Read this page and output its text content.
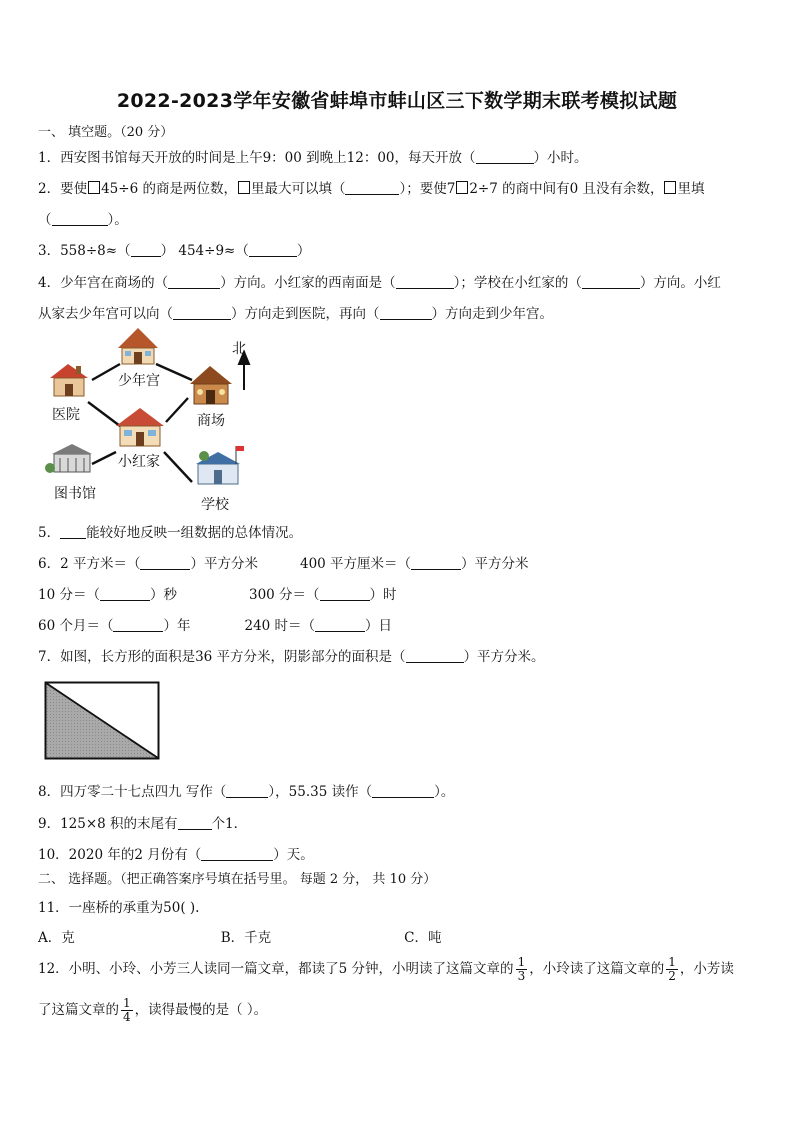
2022-2023学年安徽省蚌埠市蚌山区三下数学期末联考模拟试题
一、 填空题。（20 分）
1．西安图书馆每天开放的时间是上午9：00 到晚上12：00，每天开放（	）小时。
2．要使 45÷6 的商是两位数， 里最大可以填（	）；要使7 2÷7 的商中间有0 且没有余数， 里填
（	）。
3．558÷8≈（ ） 454÷9≈（	）
4．少年宫在商场的（	）方向。小红家的西南面是（	）；学校在小红家的（	）方向。小红
从家去少年宫可以向（	）方向走到医院，再向（	）方向走到少年宫。
北
少年宫
医院	商场
小红家
图书馆
学校
5． 能较好地反映一组数据的总体情况。
6．2 平方米＝（	）平方分米	400 平方厘米＝（	）平方分米
10 分＝（	）秒	300 分＝（	）时
60 个月＝（	）年	240 时＝（	）日
7．如图，长方形的面积是36 平方分米，阴影部分的面积是（	）平方分米。
8．四万零二十七点四九 写作（	），55.35 读作（	）。
9．125×8 积的末尾有	个1．
10．2020 年的2 月份有（	）天。
二、 选择题。（把正确答案序号填在括号里。 每题 2 分， 共 10 分）
11．一座桥的承重为50( ).
A．克	B．千克	C．吨
12．小明、小玲、小芳三人读同一篇文章，都读了5 分钟，小明读了这篇文章的 $\frac{1}{3}$ ，小玲读了这篇文章的 $\frac{1}{2}$ ，小芳读
了这篇文章的 $\frac{1}{4}$ ，读得最慢的是（ ）。
